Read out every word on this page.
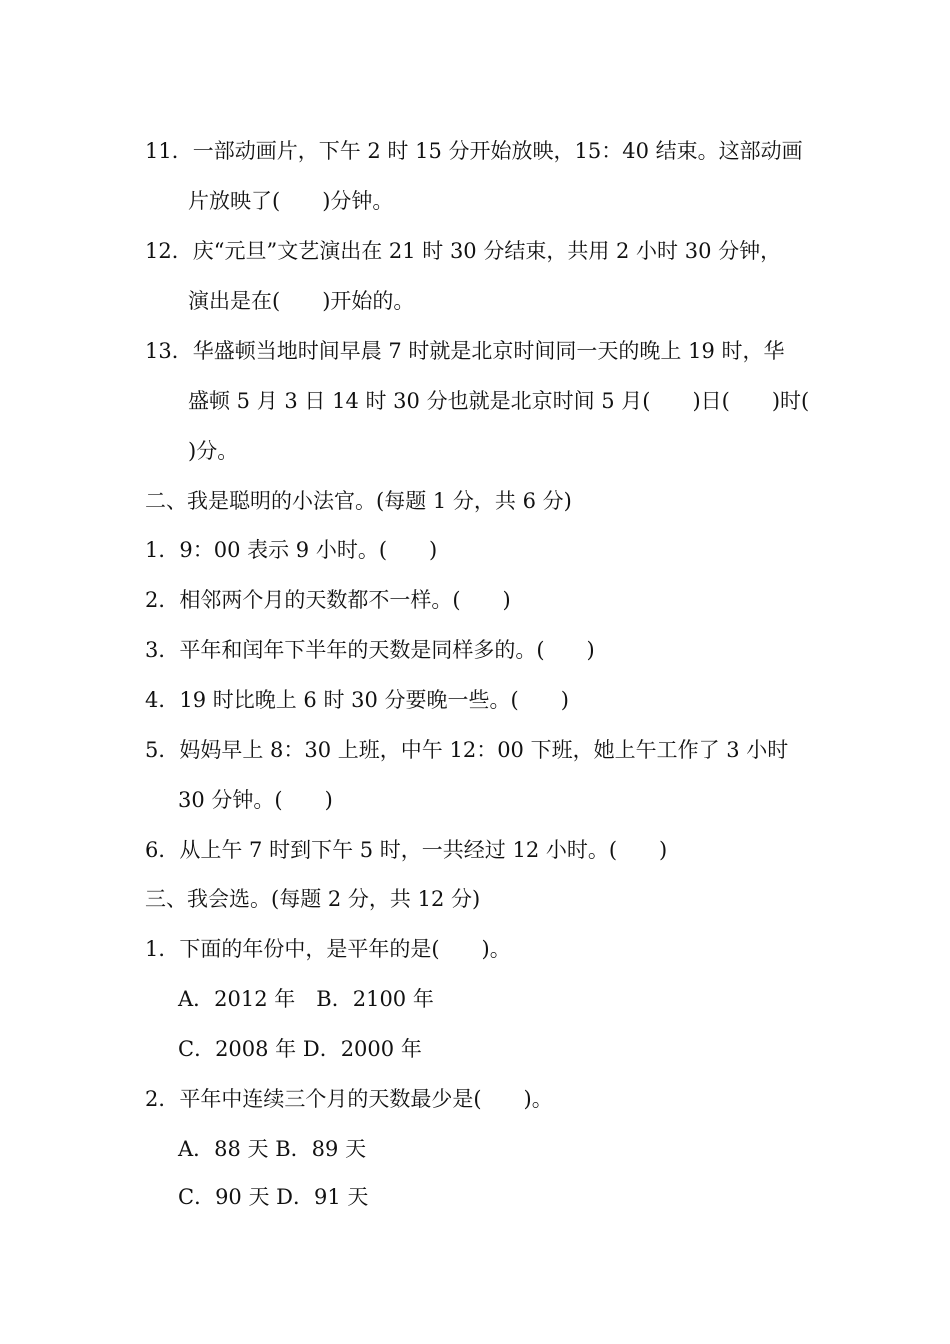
11．一部动画片，下午 2 时 15 分开始放映，15：40 结束。这部动画
片放映了(　　)分钟。
12．庆“元旦”文艺演出在 21 时 30 分结束，共用 2 小时 30 分钟，
演出是在(　　)开始的。
13．华盛顿当地时间早晨 7 时就是北京时间同一天的晚上 19 时，华
盛顿 5 月 3 日 14 时 30 分也就是北京时间 5 月(　　)日(　　)时(
)分。
二、我是聪明的小法官。(每题 1 分，共 6 分)
1．9：00 表示 9 小时。(　　)
2．相邻两个月的天数都不一样。(　　)
3．平年和闰年下半年的天数是同样多的。(　　)
4．19 时比晚上 6 时 30 分要晚一些。(　　)
5．妈妈早上 8：30 上班，中午 12：00 下班，她上午工作了 3 小时
30 分钟。(　　)
6．从上午 7 时到下午 5 时，一共经过 12 小时。(　　)
三、我会选。(每题 2 分，共 12 分)
1．下面的年份中，是平年的是(　　)。
A．2012 年　B．2100 年
C．2008 年 D．2000 年
2．平年中连续三个月的天数最少是(　　)。
A．88 天 B．89 天
C．90 天 D．91 天
